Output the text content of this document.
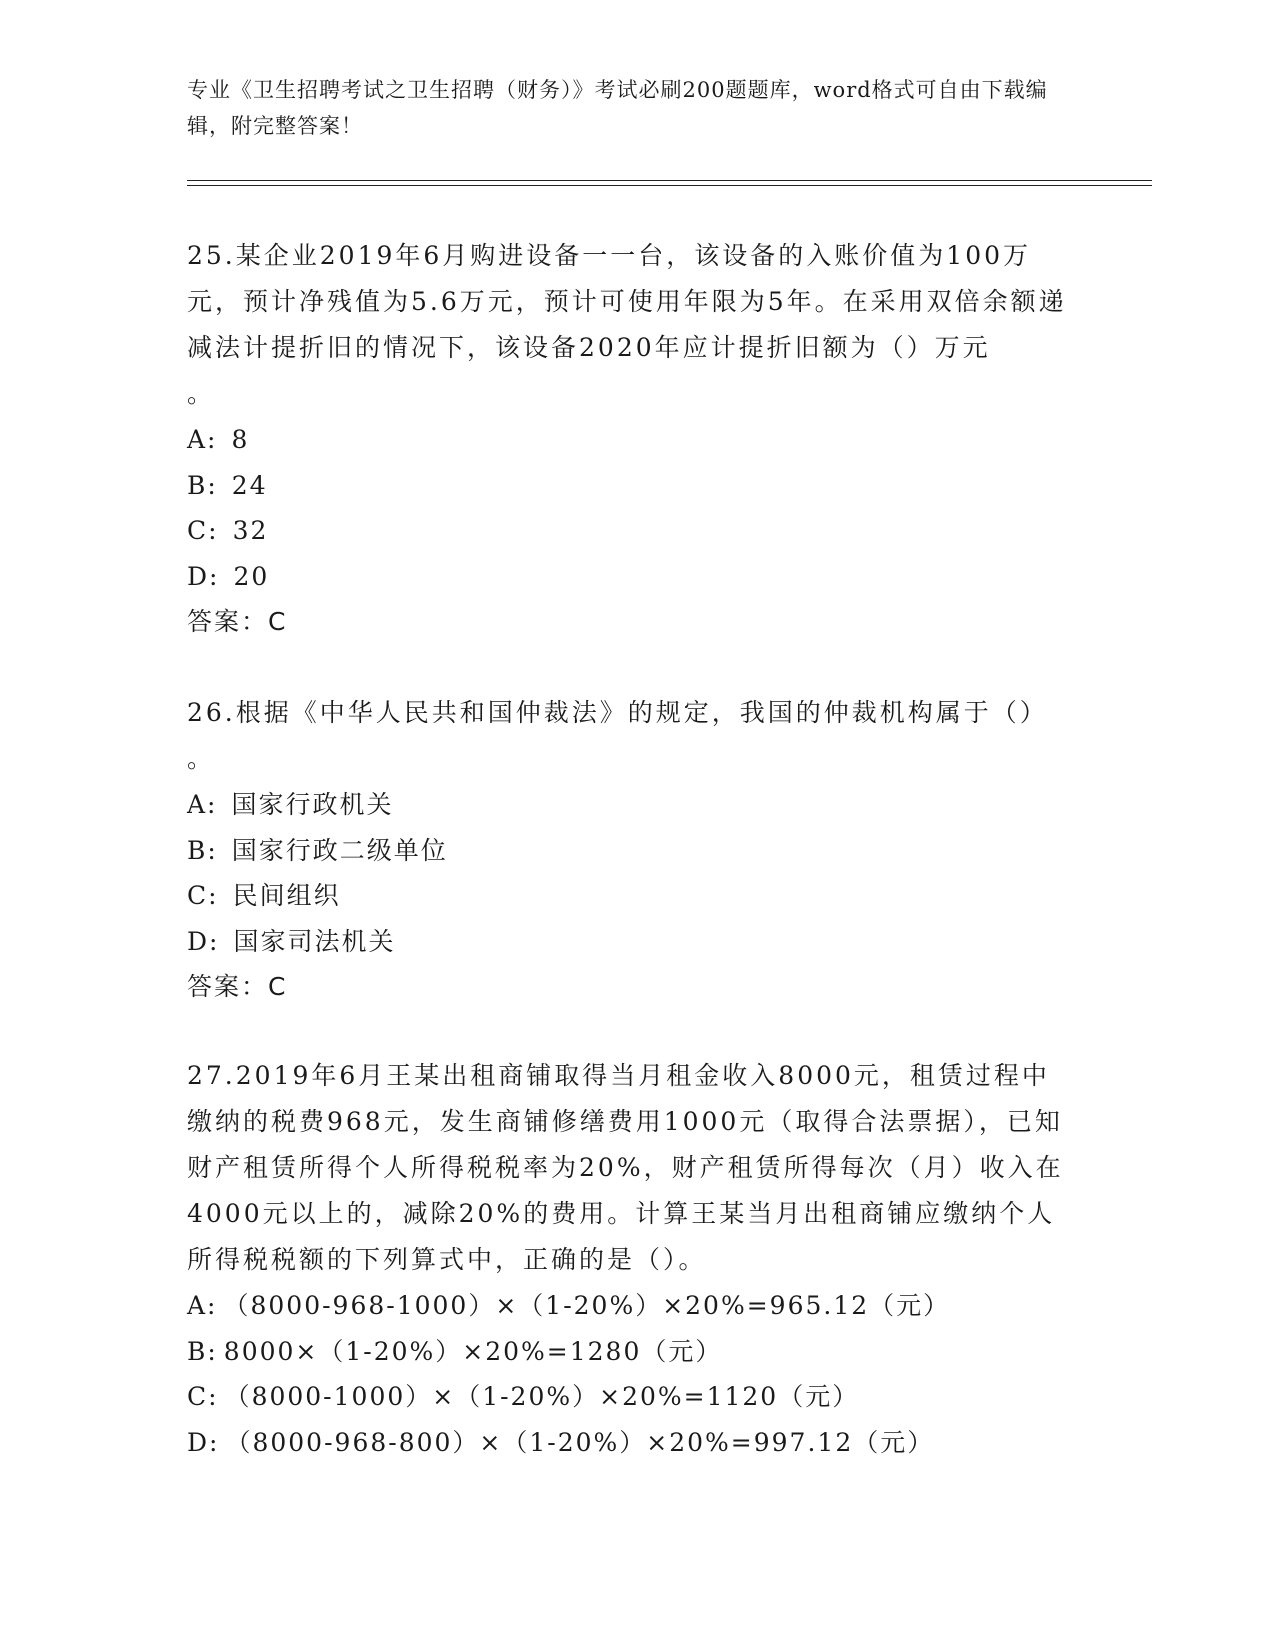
专业《卫生招聘考试之卫生招聘（财务）》考试必刷200题题库，word格式可自由下载编辑，附完整答案！

25.某企业2019年6月购进设备一一台，该设备的入账价值为100万元，预计净残值为5.6万元，预计可使用年限为5年。在采用双倍余额递减法计提折旧的情况下，该设备2020年应计提折旧额为（）万元

。

A: 8
B: 24
C: 32
D: 20
答案：C

26.根据《中华人民共和国仲裁法》的规定，我国的仲裁机构属于（）

。

A: 国家行政机关
B: 国家行政二级单位
C: 民间组织
D: 国家司法机关
答案：C

27.2019年6月王某出租商铺取得当月租金收入8000元，租赁过程中缴纳的税费968元，发生商铺修缮费用1000元（取得合法票据），已知财产租赁所得个人所得税税率为20%，财产租赁所得每次（月）收入在4000元以上的，减除20%的费用。计算王某当月出租商铺应缴纳个人所得税税额的下列算式中，正确的是（）。

A: （8000-968-1000）×（1-20%）×20%=965.12（元）
B: 8000×（1-20%）×20%=1280（元）
C: （8000-1000）×（1-20%）×20%=1120（元）
D: （8000-968-800）×（1-20%）×20%=997.12（元）
